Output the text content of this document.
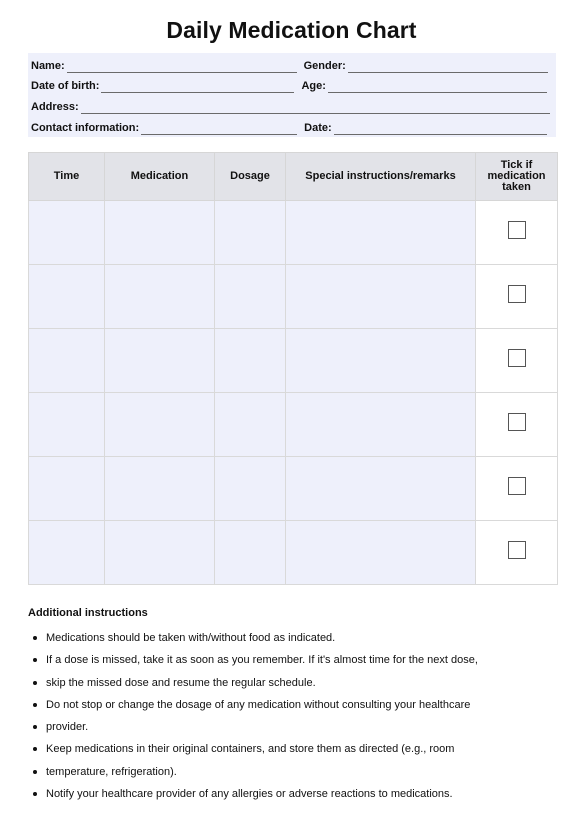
Daily Medication Chart
Name:	Gender:
Date of birth:	Age:
Address:
Contact information:	Date:
Time	Medication	Dosage	Special instructions/remarks	Tick if medication taken

Additional instructions
Medications should be taken with/without food as indicated.
If a dose is missed, take it as soon as you remember. If it's almost time for the next dose,
skip the missed dose and resume the regular schedule.
Do not stop or change the dosage of any medication without consulting your healthcare
provider.
Keep medications in their original containers, and store them as directed (e.g., room
temperature, refrigeration).
Notify your healthcare provider of any allergies or adverse reactions to medications.
